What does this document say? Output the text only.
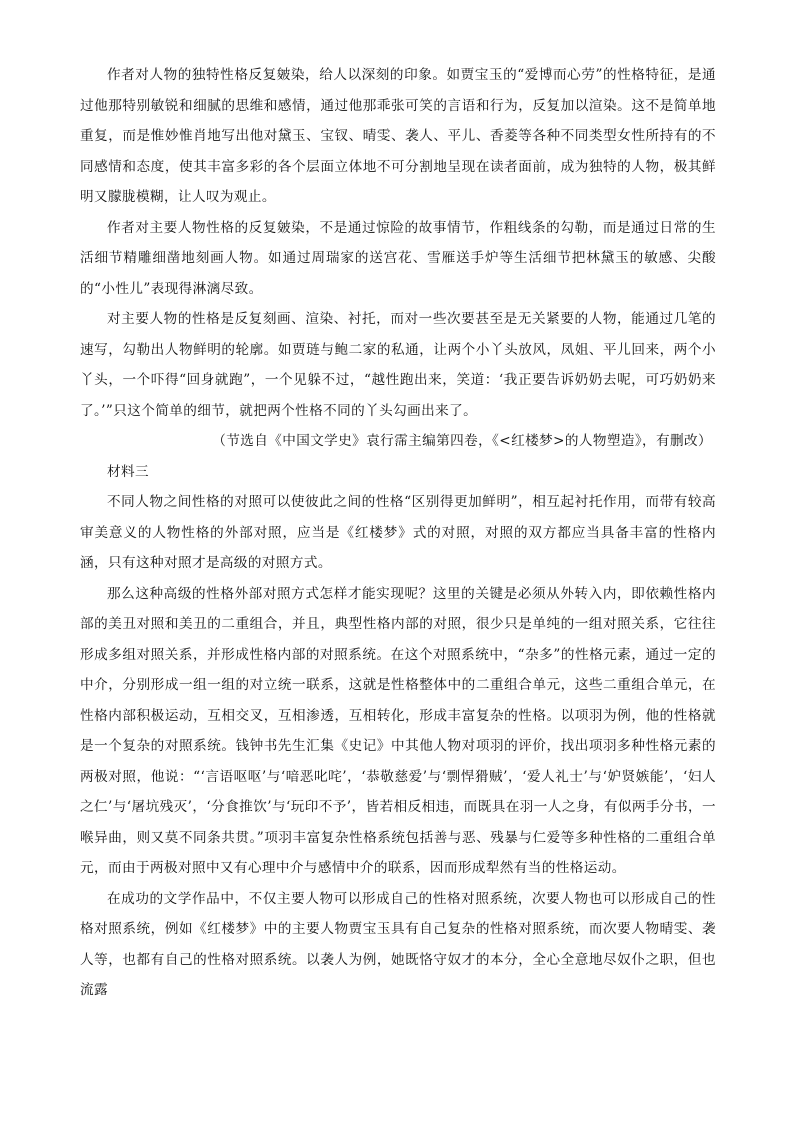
作者对人物的独特性格反复皴染，给人以深刻的印象。如贾宝玉的“爱博而心劳”的性格特征，是通过他那特别敏锐和细腻的思维和感情，通过他那乖张可笑的言语和行为，反复加以渲染。这不是简单地重复，而是惟妙惟肖地写出他对黛玉、宝钗、晴雯、袭人、平儿、香菱等各种不同类型女性所持有的不同感情和态度，使其丰富多彩的各个层面立体地不可分割地呈现在读者面前，成为独特的人物，极其鲜明又朦胧模糊，让人叹为观止。

作者对主要人物性格的反复皴染，不是通过惊险的故事情节，作粗线条的勾勒，而是通过日常的生活细节精雕细凿地刻画人物。如通过周瑞家的送宫花、雪雁送手炉等生活细节把林黛玉的敏感、尖酸的“小性儿”表现得淋漓尽致。

对主要人物的性格是反复刻画、渲染、衬托，而对一些次要甚至是无关紧要的人物，能通过几笔的速写，勾勒出人物鲜明的轮廓。如贾琏与鲍二家的私通，让两个小丫头放风，凤姐、平儿回来，两个小丫头，一个吓得“回身就跑”，一个见躲不过，“越性跑出来，笑道：‘我正要告诉奶奶去呢，可巧奶奶来了。’”只这个简单的细节，就把两个性格不同的丫头勾画出来了。

（节选自《中国文学史》袁行霈主编第四卷，《<红楼梦>的人物塑造》，有删改）

材料三

不同人物之间性格的对照可以使彼此之间的性格“区别得更加鲜明”，相互起衬托作用，而带有较高审美意义的人物性格的外部对照，应当是《红楼梦》式的对照，对照的双方都应当具备丰富的性格内涵，只有这种对照才是高级的对照方式。

那么这种高级的性格外部对照方式怎样才能实现呢？这里的关键是必须从外转入内，即依赖性格内部的美丑对照和美丑的二重组合，并且，典型性格内部的对照，很少只是单纯的一组对照关系，它往往形成多组对照关系，并形成性格内部的对照系统。在这个对照系统中，“杂多”的性格元素，通过一定的中介，分别形成一组一组的对立统一联系，这就是性格整体中的二重组合单元，这些二重组合单元，在性格内部积极运动，互相交叉，互相渗透，互相转化，形成丰富复杂的性格。以项羽为例，他的性格就是一个复杂的对照系统。钱钟书先生汇集《史记》中其他人物对项羽的评价，找出项羽多种性格元素的两极对照，他说：“‘言语呕呕’与‘喑恶叱咤’，‘恭敬慈爱’与‘剽悍猾贼’，‘爱人礼士’与‘妒贤嫉能’，‘妇人之仁’与‘屠坑残灭’，‘分食推饮’与‘玩印不予’，皆若相反相违，而既具在羽一人之身，有似两手分书，一喉异曲，则又莫不同条共贯。”项羽丰富复杂性格系统包括善与恶、残暴与仁爱等多种性格的二重组合单元，而由于两极对照中又有心理中介与感情中介的联系，因而形成犁然有当的性格运动。

在成功的文学作品中，不仅主要人物可以形成自己的性格对照系统，次要人物也可以形成自己的性格对照系统，例如《红楼梦》中的主要人物贾宝玉具有自己复杂的性格对照系统，而次要人物晴雯、袭人等，也都有自己的性格对照系统。以袭人为例，她既恪守奴才的本分，全心全意地尽奴仆之职，但也流露
